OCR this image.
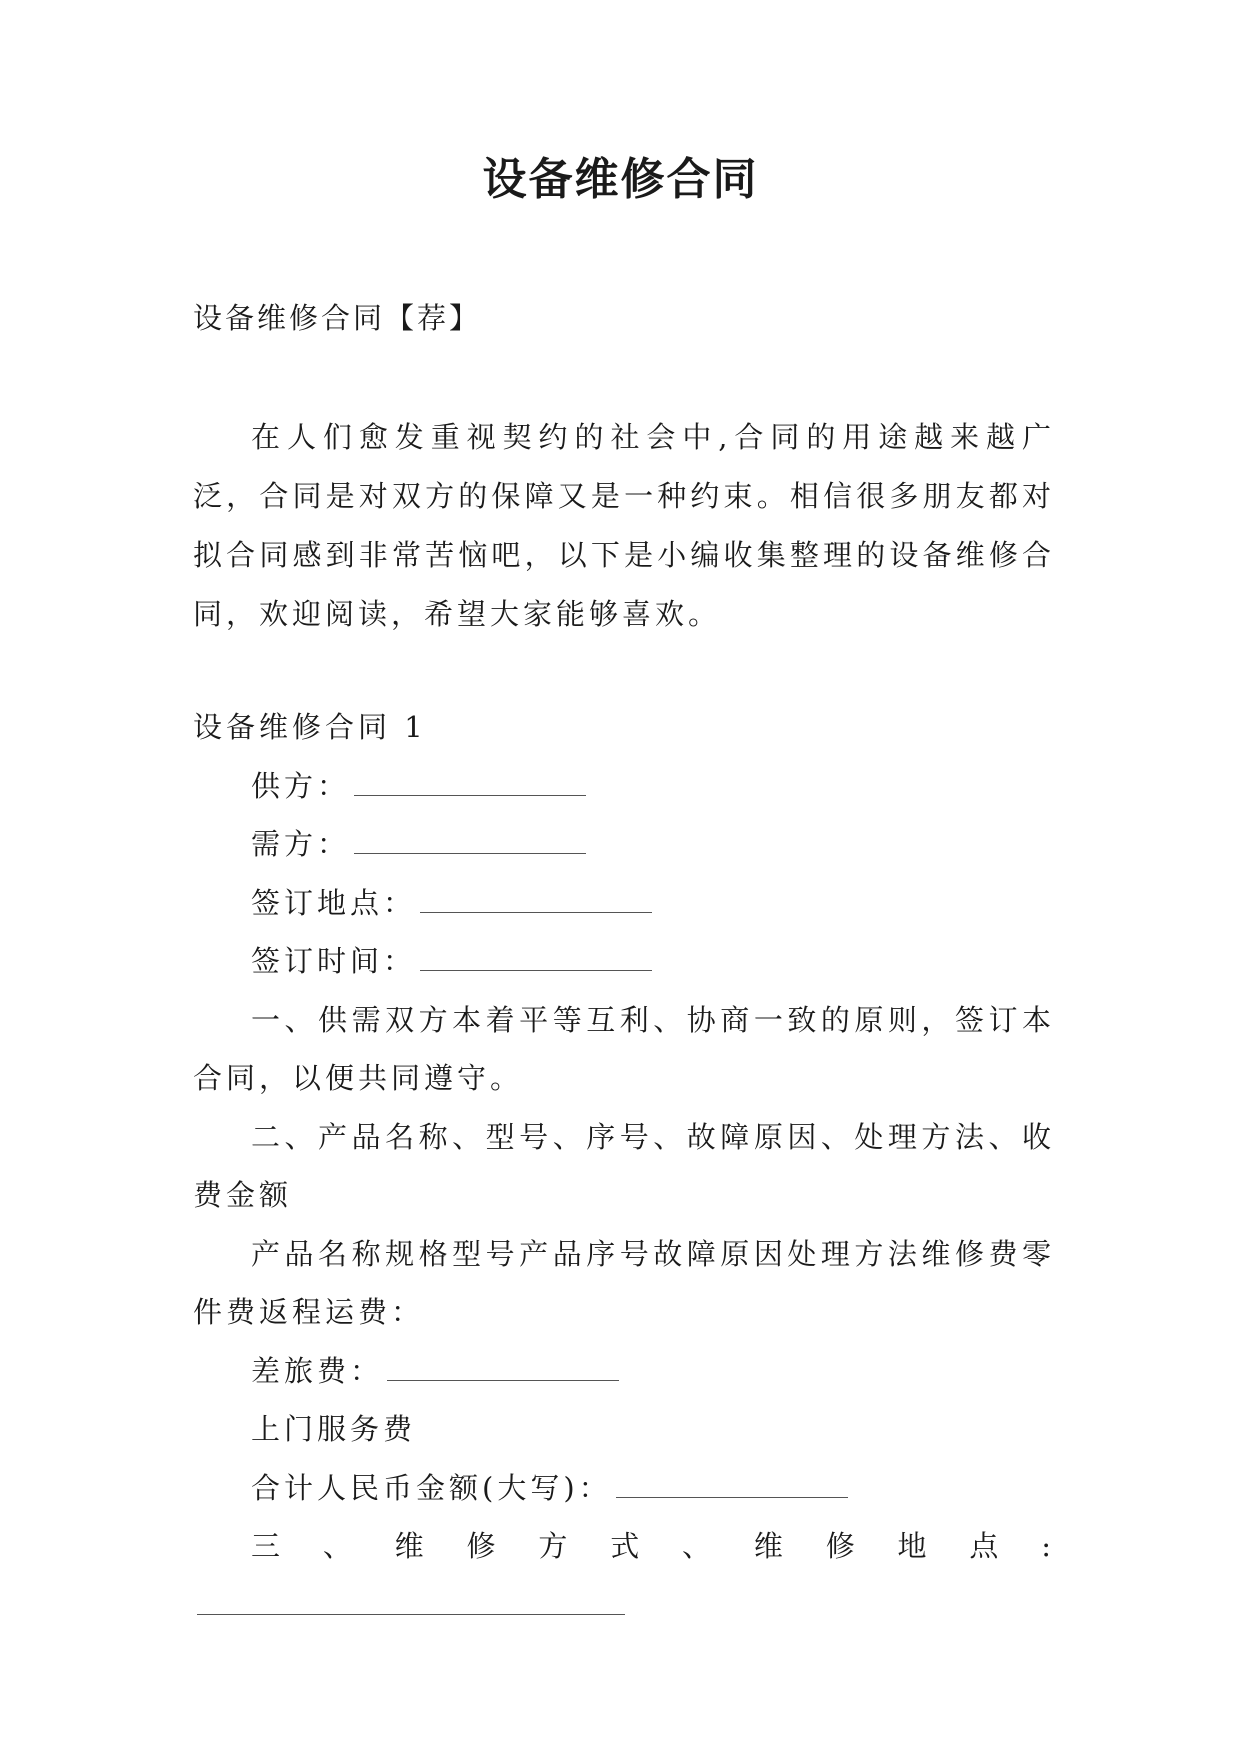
设备维修合同
设备维修合同【荐】
在人们愈发重视契约的社会中,合同的用途越来越广泛，合同是对双方的保障又是一种约束。相信很多朋友都对拟合同感到非常苦恼吧，以下是小编收集整理的设备维修合同，欢迎阅读，希望大家能够喜欢。

设备维修合同 1

供方：

需方：

签订地点：

签订时间：

一、供需双方本着平等互利、协商一致的原则，签订本合同，以便共同遵守。

二、产品名称、型号、序号、故障原因、处理方法、收费金额

产品名称规格型号产品序号故障原因处理方法维修费零件费返程运费：

差旅费：

上门服务费

合计人民币金额(大写)：

三、维修方式、维修地点:
